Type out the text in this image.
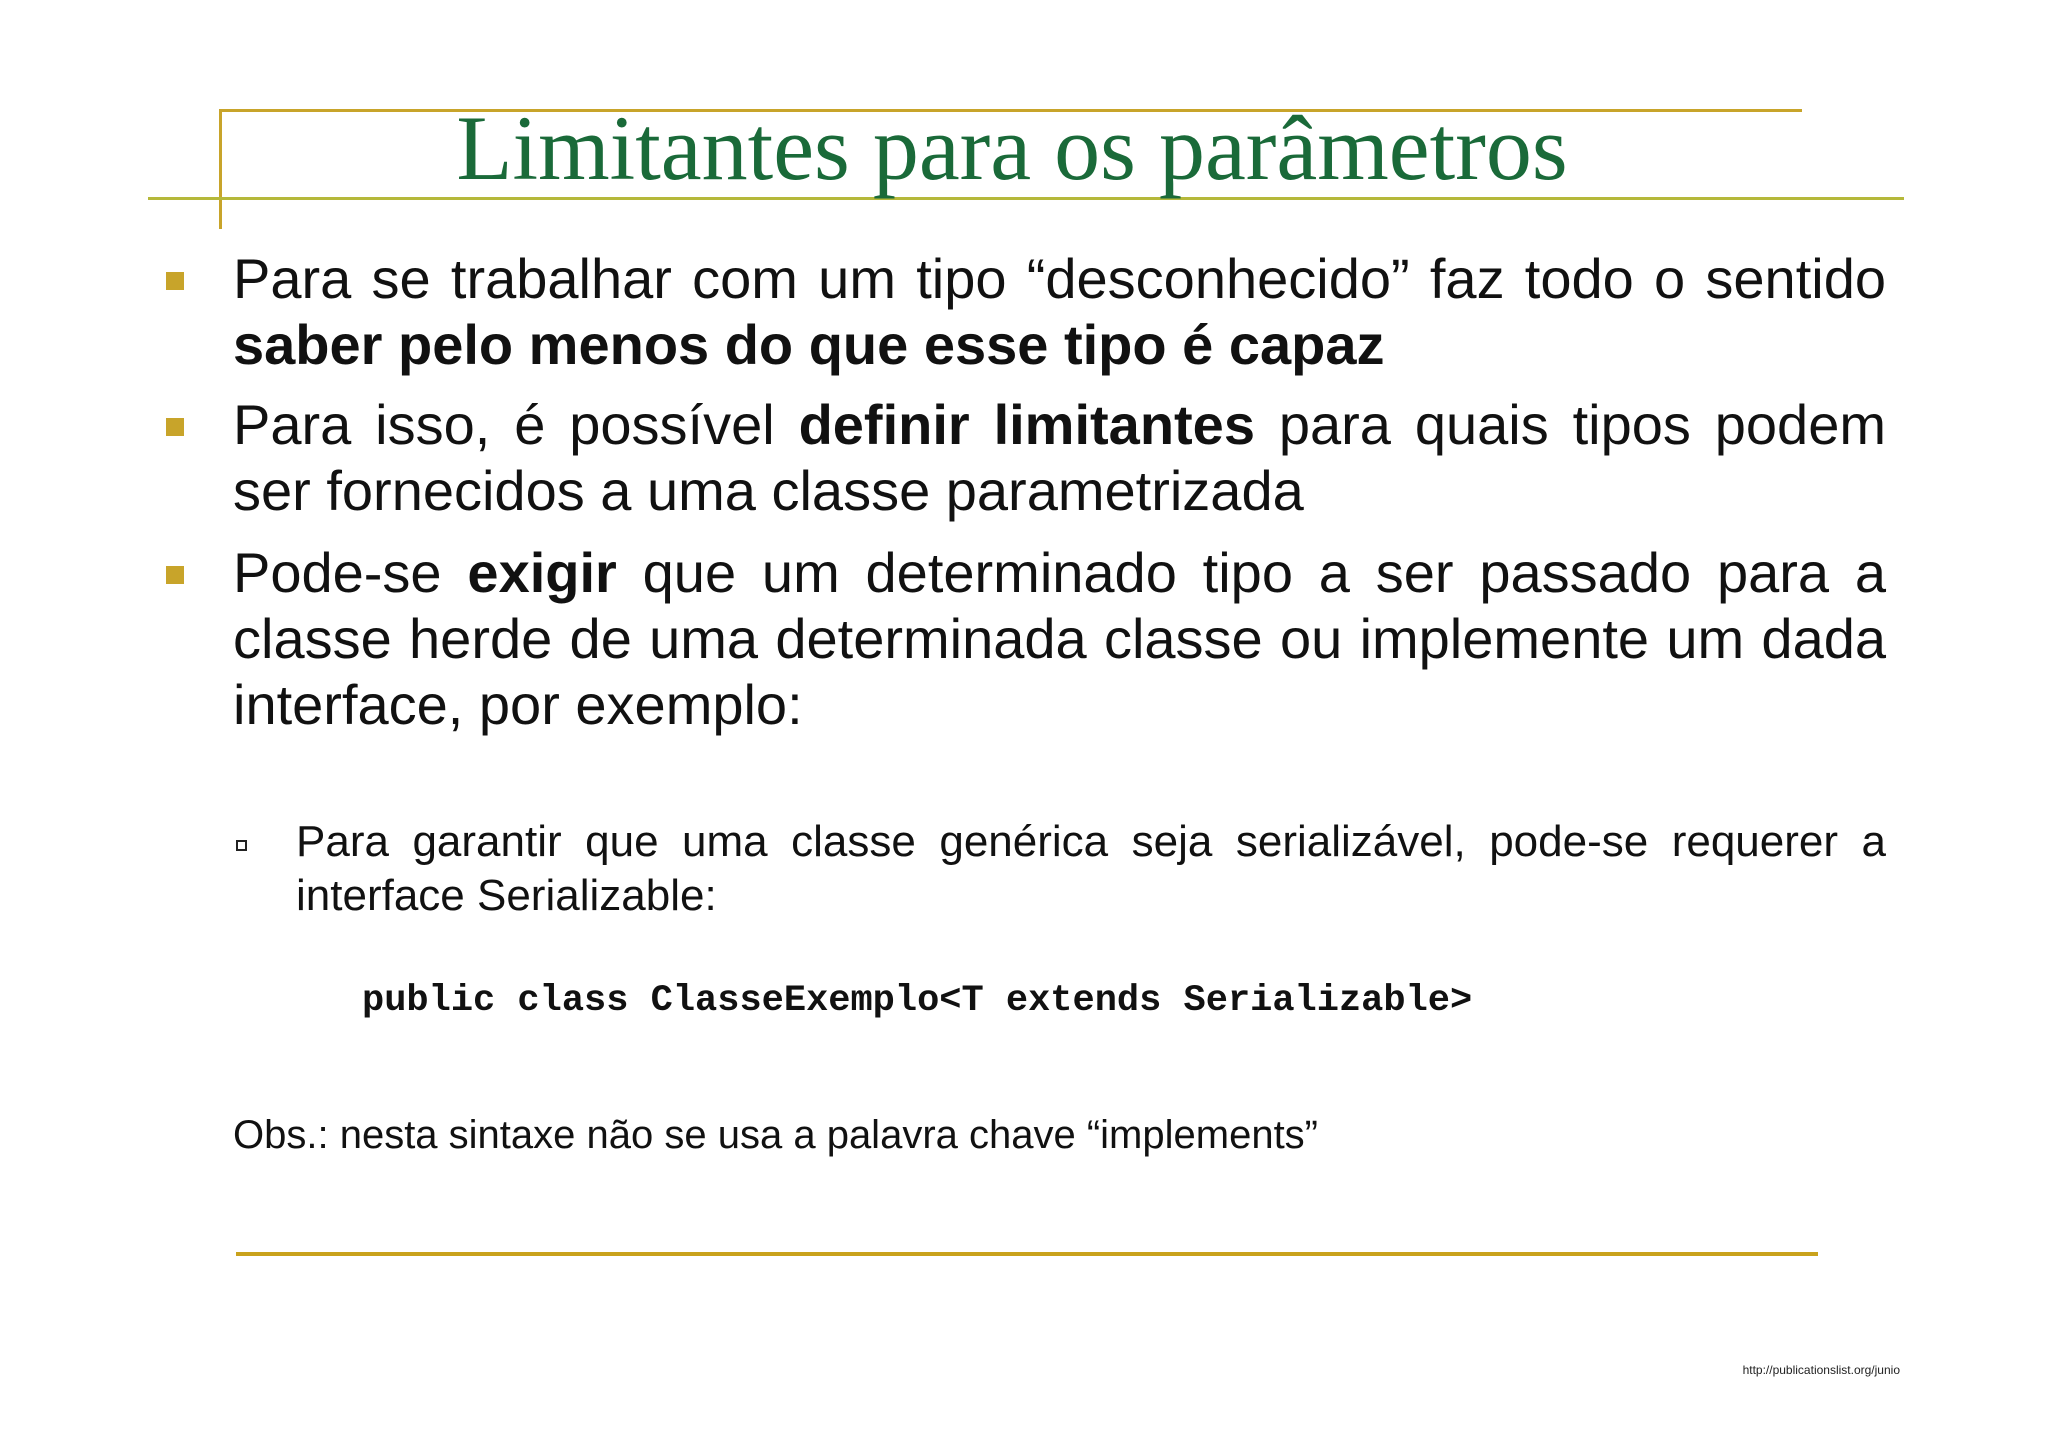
Limitantes para os parâmetros
Para se trabalhar com um tipo “desconhecido” faz todo o sentido saber pelo menos do que esse tipo é capaz
Para isso, é possível definir limitantes para quais tipos podem ser fornecidos a uma classe parametrizada
Pode-se exigir que um determinado tipo a ser passado para a classe herde de uma determinada classe ou implemente um dada interface, por exemplo:
Para garantir que uma classe genérica seja serializável, pode-se requerer a interface Serializable:
public class ClasseExemplo<T extends Serializable>
Obs.: nesta sintaxe não se usa a palavra chave “implements”
http://publicationslist.org/junio
